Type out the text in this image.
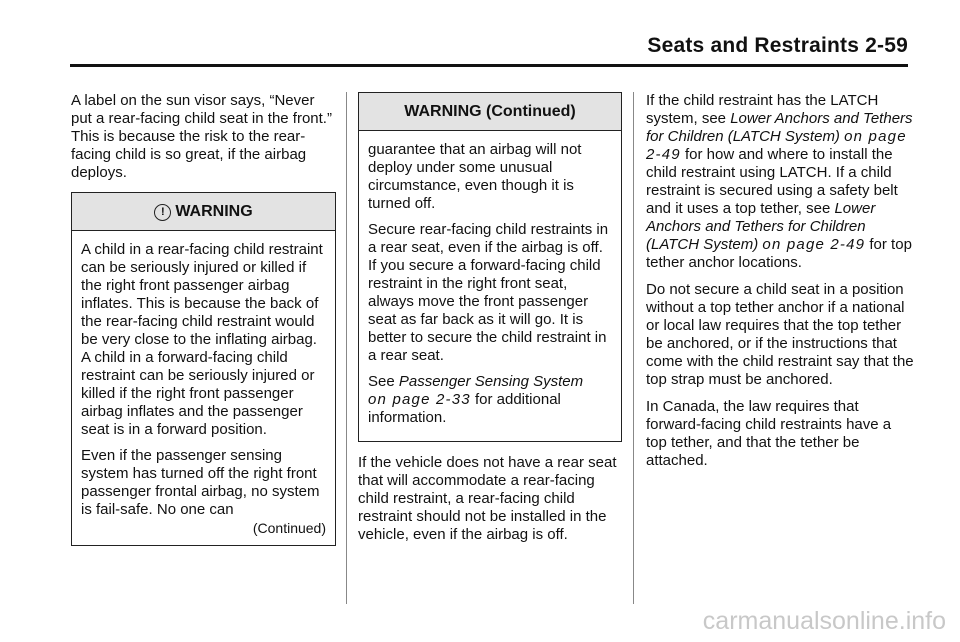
Seats and Restraints 2-59

A label on the sun visor says, “Never put a rear-facing child seat in the front.” This is because the risk to the rear-facing child is so great, if the airbag deploys.

! WARNING

A child in a rear-facing child restraint can be seriously injured or killed if the right front passenger airbag inflates. This is because the back of the rear-facing child restraint would be very close to the inflating airbag. A child in a forward-facing child restraint can be seriously injured or killed if the right front passenger airbag inflates and the passenger seat is in a forward position.

Even if the passenger sensing system has turned off the right front passenger frontal airbag, no system is fail-safe. No one can

(Continued)
WARNING (Continued)

guarantee that an airbag will not deploy under some unusual circumstance, even though it is turned off.

Secure rear-facing child restraints in a rear seat, even if the airbag is off. If you secure a forward-facing child restraint in the right front seat, always move the front passenger seat as far back as it will go. It is better to secure the child restraint in a rear seat.

See Passenger Sensing System
on page 2-33 for additional information.

If the vehicle does not have a rear seat that will accommodate a rear-facing child restraint, a rear-facing child restraint should not be installed in the vehicle, even if the airbag is off.

If the child restraint has the LATCH system, see Lower Anchors and Tethers for Children (LATCH System) on page 2-49 for how and where to install the child restraint using LATCH. If a child restraint is secured using a safety belt and it uses a top tether, see Lower Anchors and Tethers for Children (LATCH System) on page 2-49 for top tether anchor locations.

Do not secure a child seat in a position without a top tether anchor if a national or local law requires that the top tether be anchored, or if the instructions that come with the child restraint say that the top strap must be anchored.

In Canada, the law requires that forward-facing child restraints have a top tether, and that the tether be attached.

carmanualsonline.info
